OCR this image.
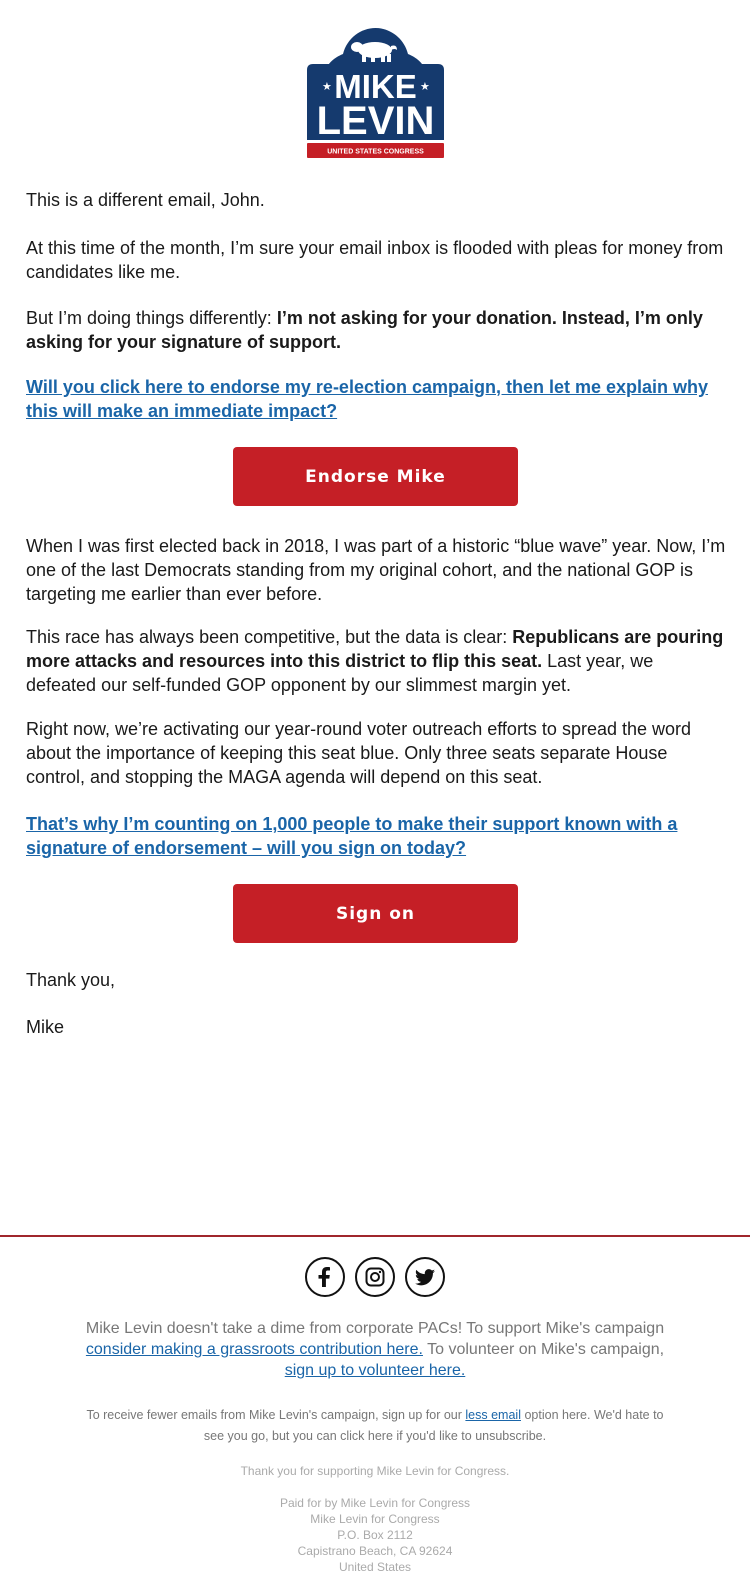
★	★
MIKE
LEVIN
UNITED STATES CONGRESS

This is a different email, John.

At this time of the month, I’m sure your email inbox is flooded with pleas for money from candidates like me.

But I’m doing things differently: I’m not asking for your donation. Instead, I’m only asking for your signature of support.

Will you click here to endorse my re-election campaign, then let me explain why this will make an immediate impact?

Endorse Mike

When I was first elected back in 2018, I was part of a historic “blue wave” year. Now, I’m one of the last Democrats standing from my original cohort, and the national GOP is targeting me earlier than ever before.

This race has always been competitive, but the data is clear: Republicans are pouring more attacks and resources into this district to flip this seat. Last year, we defeated our self-funded GOP opponent by our slimmest margin yet.

Right now, we’re activating our year-round voter outreach efforts to spread the word about the importance of keeping this seat blue. Only three seats separate House control, and stopping the MAGA agenda will depend on this seat.

That’s why I’m counting on 1,000 people to make their support known with a signature of endorsement – will you sign on today?

Sign on

Thank you,

Mike

Mike Levin doesn't take a dime from corporate PACs! To support Mike's campaign consider making a grassroots contribution here. To volunteer on Mike's campaign, sign up to volunteer here.
To receive fewer emails from Mike Levin's campaign, sign up for our less email option here. We'd hate to see you go, but you can click here if you'd like to unsubscribe.
Thank you for supporting Mike Levin for Congress.
Paid for by Mike Levin for Congress
Mike Levin for Congress
P.O. Box 2112
Capistrano Beach, CA 92624
United States
